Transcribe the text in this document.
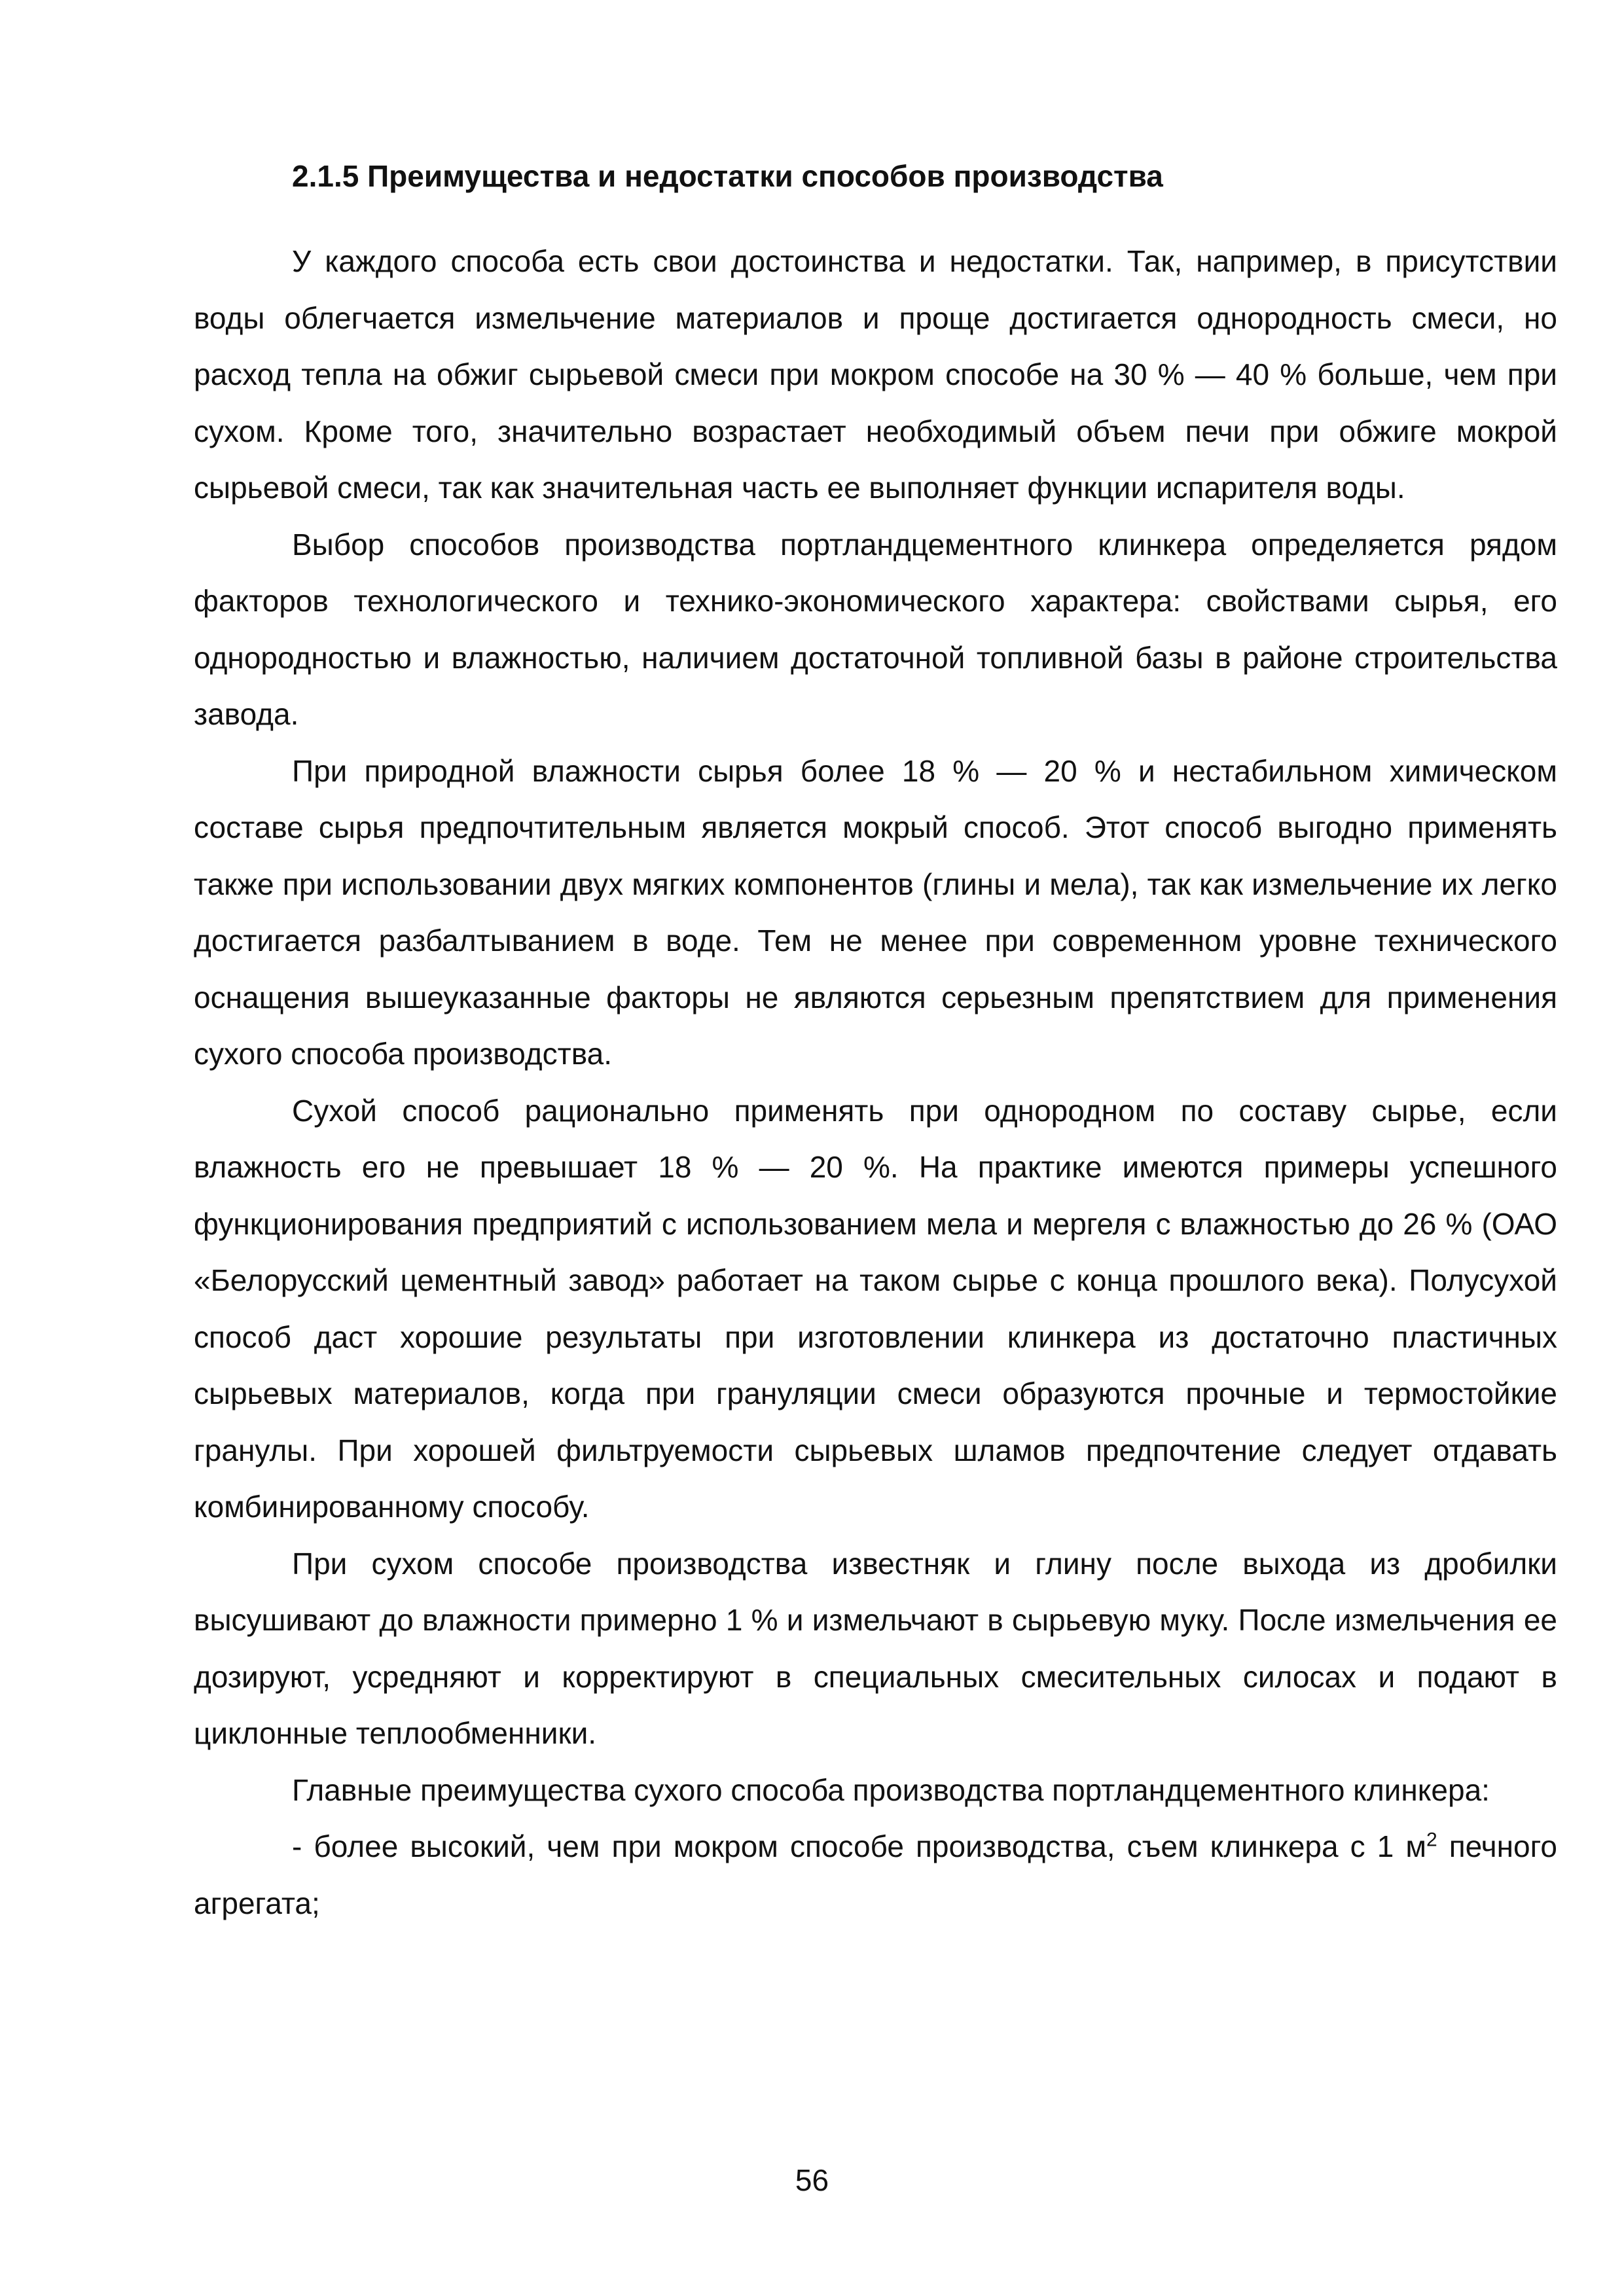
2.1.5 Преимущества и недостатки способов производства

У каждого способа есть свои достоинства и недостатки. Так, например, в присутствии воды облегчается измельчение материалов и проще достигается однородность смеси, но расход тепла на обжиг сырьевой смеси при мокром способе на 30 % — 40 % больше, чем при сухом. Кроме того, значительно возрастает необходимый объем печи при обжиге мокрой сырьевой смеси, так как значительная часть ее выполняет функции испарителя воды.

Выбор способов производства портландцементного клинкера определяется рядом факторов технологического и технико-экономического характера: свойствами сырья, его однородностью и влажностью, наличием достаточной топливной базы в районе строительства завода.

При природной влажности сырья более 18 % — 20 % и нестабильном химическом составе сырья предпочтительным является мокрый способ. Этот способ выгодно применять также при использовании двух мягких компонентов (глины и мела), так как измельчение их легко достигается разбалтыванием в воде. Тем не менее при современном уровне технического оснащения вышеуказанные факторы не являются серьезным препятствием для применения сухого способа производства.

Сухой способ рационально применять при однородном по составу сырье, если влажность его не превышает 18 % — 20 %. На практике имеются примеры успешного функционирования предприятий с использованием мела и мергеля с влажностью до 26 % (ОАО «Белорусский цементный завод» работает на таком сырье с конца прошлого века). Полусухой способ даст хорошие результаты при изготовлении клинкера из достаточно пластичных сырьевых материалов, когда при грануляции смеси образуются прочные и термостойкие гранулы. При хорошей фильтруемости сырьевых шламов предпочтение следует отдавать комбинированному способу.

При сухом способе производства известняк и глину после выхода из дробилки высушивают до влажности примерно 1 % и измельчают в сырьевую муку. После измельчения ее дозируют, усредняют и корректируют в специальных смесительных силосах и подают в циклонные теплообменники.

Главные преимущества сухого способа производства портландцементного клинкера:

- более высокий, чем при мокром способе производства, съем клинкера с 1 $м^2$ печного агрегата;

56
